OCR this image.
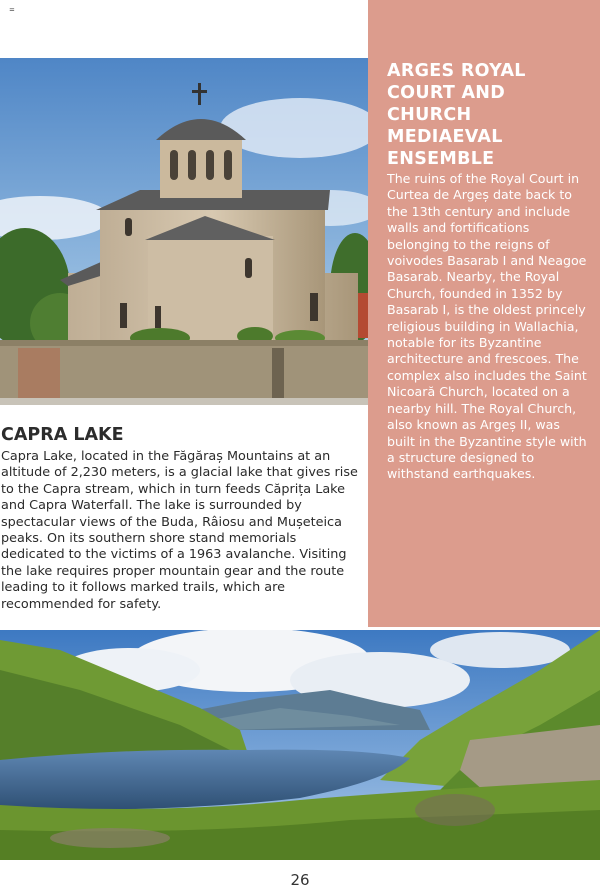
=
ARGES ROYAL COURT AND CHURCH MEDIAEVAL ENSEMBLE

The ruins of the Royal Court in Curtea de Argeș date back to the 13th century and include walls and fortifications belonging to the reigns of voivodes Basarab I and Neagoe Basarab. Nearby, the Royal Church, founded in 1352 by Basarab I, is the oldest princely religious building in Wallachia, notable for its Byzantine architecture and frescoes. The complex also includes the Saint Nicoară Church, located on a nearby hill. The Royal Church, also known as Argeș II, was built in the Byzantine style with a structure designed to withstand earthquakes.

CAPRA LAKE

Capra Lake, located in the Făgăraș Mountains at an altitude of 2,230 meters, is a glacial lake that gives rise to the Capra stream, which in turn feeds Căprița Lake and Capra Waterfall. The lake is surrounded by spectacular views of the Buda, Râiosu and Mușeteica peaks. On its southern shore stand memorials dedicated to the victims of a 1963 avalanche. Visiting the lake requires proper mountain gear and the route leading to it follows marked trails, which are recommended for safety.

26
